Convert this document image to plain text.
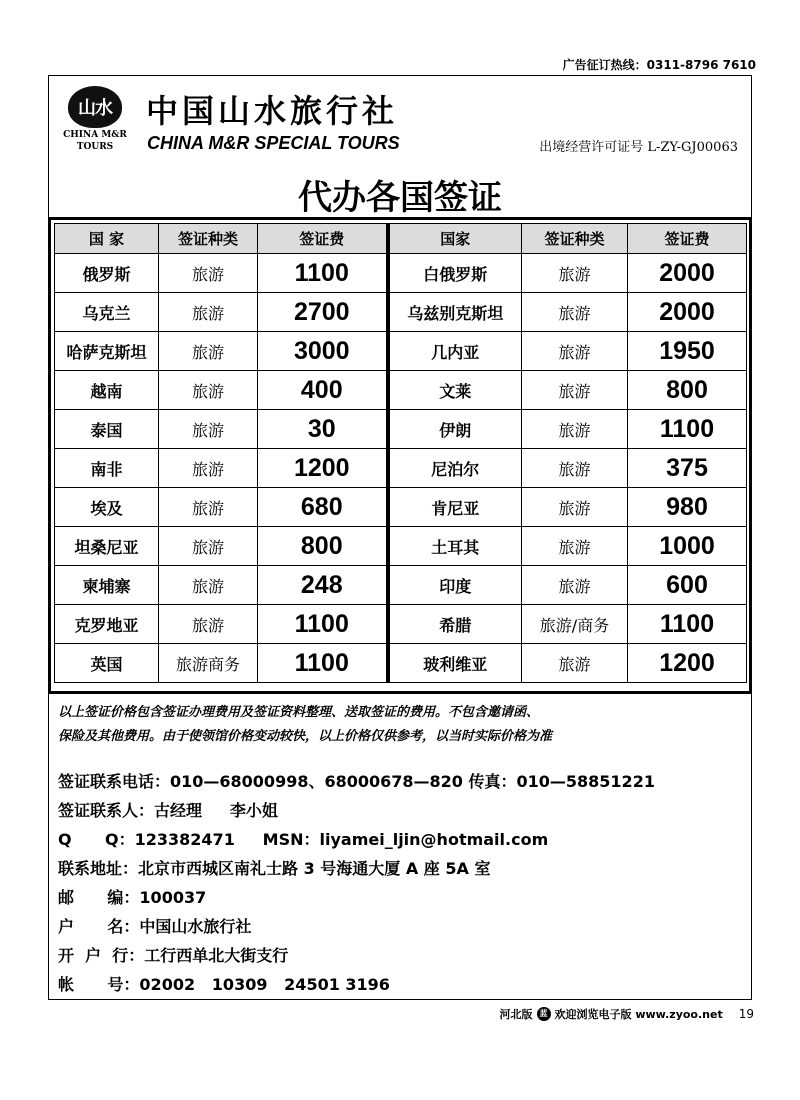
广告征订热线：0311-8796 7610
山水
CHINA M&R
TOURS
中国山水旅行社
CHINA M&R SPECIAL TOURS	出境经营许可证号 L-ZY-GJ00063
代办各国签证
国 家	签证种类	签证费	国家	签证种类	签证费
俄罗斯	旅游	1100	白俄罗斯	旅游	2000
乌克兰	旅游	2700	乌兹别克斯坦	旅游	2000
哈萨克斯坦	旅游	3000	几内亚	旅游	1950
越南	旅游	400	文莱	旅游	800
泰国	旅游	30	伊朗	旅游	1100
南非	旅游	1200	尼泊尔	旅游	375
埃及	旅游	680	肯尼亚	旅游	980
坦桑尼亚	旅游	800	土耳其	旅游	1000
柬埔寨	旅游	248	印度	旅游	600
克罗地亚	旅游	1100	希腊	旅游/商务	1100
英国	旅游商务	1100	玻利维亚	旅游	1200
以上签证价格包含签证办理费用及签证资料整理、送取签证的费用。不包含邀请函、
保险及其他费用。由于使领馆价格变动较快，以上价格仅供参考，以当时实际价格为准
签证联系电话：010—68000998、68000678—820 传真：010—58851221
签证联系人：古经理     李小姐
Q      Q：123382471     MSN：liyamei_ljin@hotmail.com
联系地址：北京市西城区南礼士路 3 号海通大厦 A 座 5A 室
邮      编：100037
户      名：中国山水旅行社
开  户  行：工行西单北大街支行
帐      号：02002   10309   24501 3196
河北版 蓝 欢迎浏览电子版 www.zyoo.net 19
